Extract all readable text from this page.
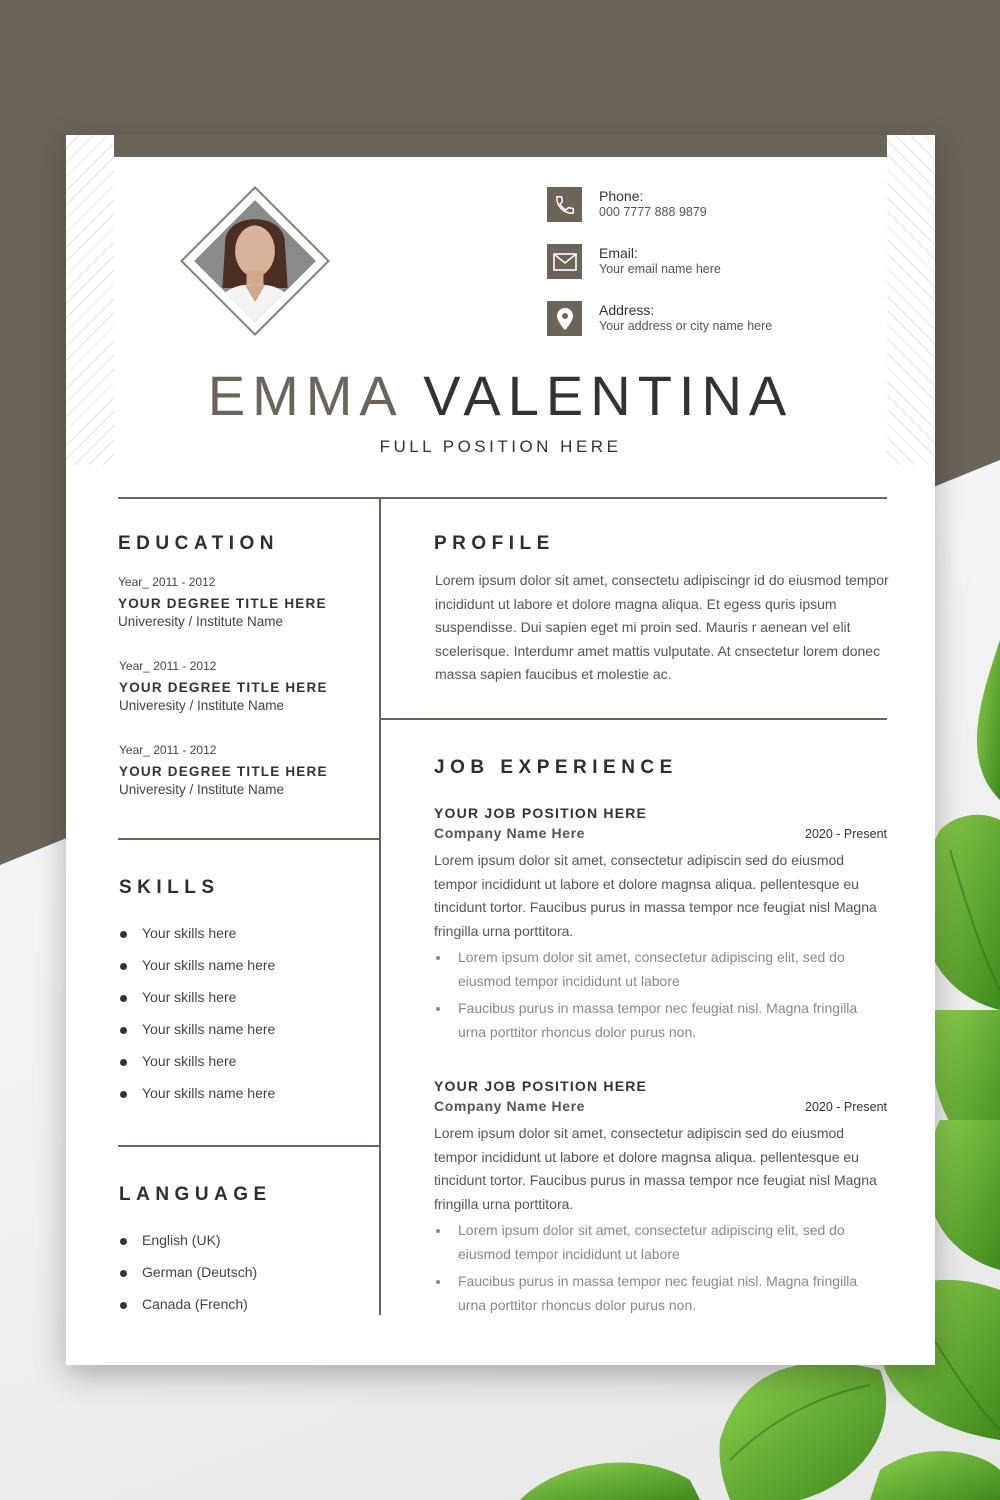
Phone:
000 7777 888 9879
Email:
Your email name here
Address:
Your address or city name here
EMMA VALENTINA
FULL POSITION HERE
EDUCATION
Year_ 2011 - 2012
YOUR DEGREE TITLE HERE
Univeresity / Institute Name
Year_ 2011 - 2012
YOUR DEGREE TITLE HERE
Univeresity / Institute Name
Year_ 2011 - 2012
YOUR DEGREE TITLE HERE
Univeresity / Institute Name
SKILLS
Your skills here
Your skills name here
Your skills here
Your skills name here
Your skills here
Your skills name here
LANGUAGE
English (UK)
German (Deutsch)
Canada (French)
PROFILE
Lorem ipsum dolor sit amet, consectetu adipiscingr id do eiusmod tempor incididunt ut labore et dolore magna aliqua. Et egess quris ipsum suspendisse. Dui sapien eget mi proin sed. Mauris r aenean vel elit scelerisque. Interdumr amet mattis vulputate. At cnsectetur lorem donec massa sapien faucibus et molestie ac.
JOB EXPERIENCE
YOUR JOB POSITION HERE
Company Name Here	2020 - Present
Lorem ipsum dolor sit amet, consectetur adipiscin sed do eiusmod tempor incididunt ut labore et dolore magnsa aliqua. pellentesque eu tincidunt tortor. Faucibus purus in massa tempor nce feugiat nisl Magna fringilla urna porttitora.
Lorem ipsum dolor sit amet, consectetur adipiscing elit, sed do eiusmod tempor incididunt ut labore
Faucibus purus in massa tempor nec feugiat nisl. Magna fringilla urna porttitor rhoncus dolor purus non.
YOUR JOB POSITION HERE
Company Name Here	2020 - Present
Lorem ipsum dolor sit amet, consectetur adipiscin sed do eiusmod tempor incididunt ut labore et dolore magnsa aliqua. pellentesque eu tincidunt tortor. Faucibus purus in massa tempor nce feugiat nisl Magna fringilla urna porttitora.
Lorem ipsum dolor sit amet, consectetur adipiscing elit, sed do eiusmod tempor incididunt ut labore
Faucibus purus in massa tempor nec feugiat nisl. Magna fringilla urna porttitor rhoncus dolor purus non.
